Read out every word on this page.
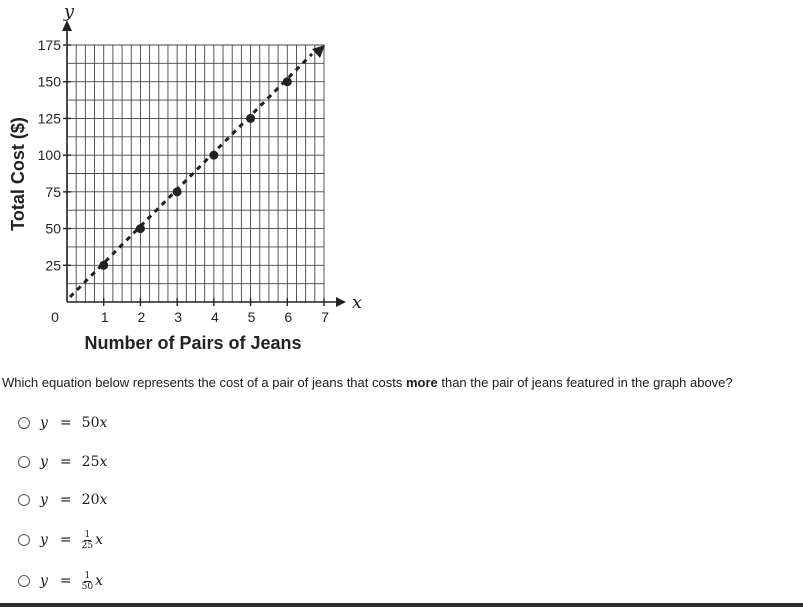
25
50
75
100
125
150
175
1 2 3 4 5 6 7
0
y
x
Number of Pairs of Jeans
Total Cost ($)
Which equation below represents the cost of a pair of jeans that costs more than the pair of jeans featured in the graph above?
y = 50 x
y = 25 x
y = 20 x
$y = \frac{1}{25}$ x
$y = \frac{1}{50}$ x
